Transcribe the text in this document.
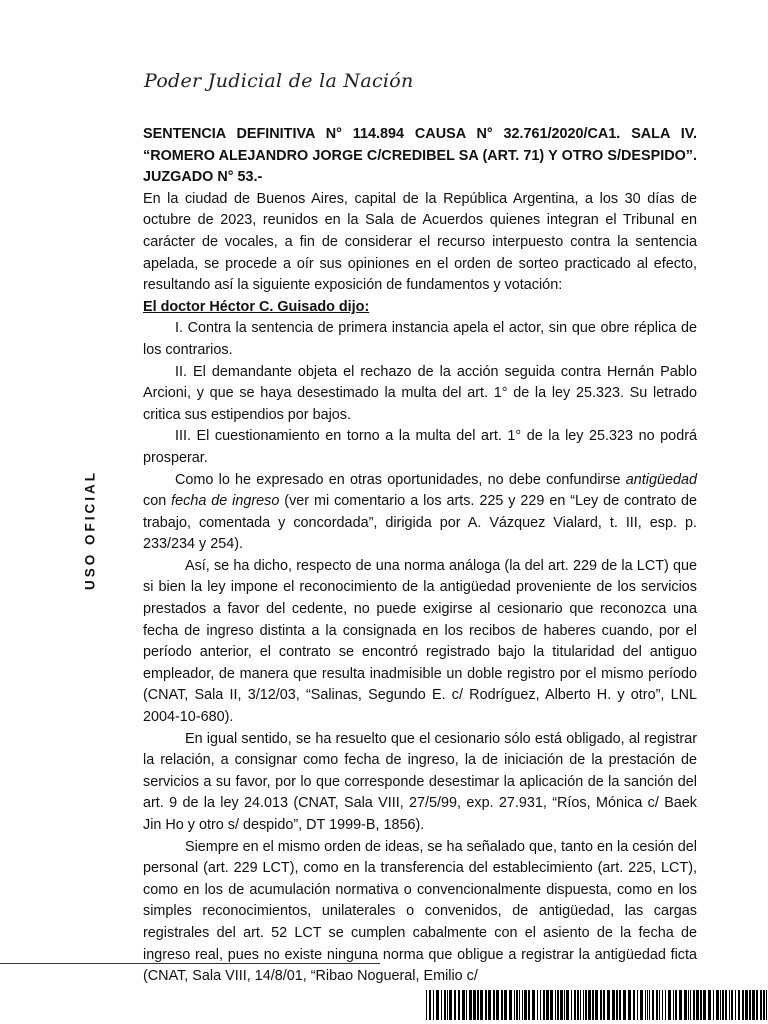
Poder Judicial de la Nación
USO OFICIAL

SENTENCIA DEFINITIVA N° 114.894 CAUSA N° 32.761/2020/CA1. SALA IV. “ROMERO ALEJANDRO JORGE C/CREDIBEL SA (ART. 71) Y OTRO S/DESPIDO”. JUZGADO N° 53.-

En la ciudad de Buenos Aires, capital de la República Argentina, a los 30 días de octubre de 2023, reunidos en la Sala de Acuerdos quienes integran el Tribunal en carácter de vocales, a fin de considerar el recurso interpuesto contra la sentencia apelada, se procede a oír sus opiniones en el orden de sorteo practicado al efecto, resultando así la siguiente exposición de fundamentos y votación:

El doctor Héctor C. Guisado dijo:

I. Contra la sentencia de primera instancia apela el actor, sin que obre réplica de los contrarios.

II. El demandante objeta el rechazo de la acción seguida contra Hernán Pablo Arcioni, y que se haya desestimado la multa del art. 1° de la ley 25.323. Su letrado critica sus estipendios por bajos.

III. El cuestionamiento en torno a la multa del art. 1° de la ley 25.323 no podrá prosperar.

Como lo he expresado en otras oportunidades, no debe confundirse antigüedad con fecha de ingreso (ver mi comentario a los arts. 225 y 229 en “Ley de contrato de trabajo, comentada y concordada”, dirigida por A. Vázquez Vialard, t. III, esp. p. 233/234 y 254).

Así, se ha dicho, respecto de una norma análoga (la del art. 229 de la LCT) que si bien la ley impone el reconocimiento de la antigüedad proveniente de los servicios prestados a favor del cedente, no puede exigirse al cesionario que reconozca una fecha de ingreso distinta a la consignada en los recibos de haberes cuando, por el período anterior, el contrato se encontró registrado bajo la titularidad del antiguo empleador, de manera que resulta inadmisible un doble registro por el mismo período (CNAT, Sala II, 3/12/03, “Salinas, Segundo E. c/ Rodríguez, Alberto H. y otro”, LNL 2004-10-680).

En igual sentido, se ha resuelto que el cesionario sólo está obligado, al registrar la relación, a consignar como fecha de ingreso, la de iniciación de la prestación de servicios a su favor, por lo que corresponde desestimar la aplicación de la sanción del art. 9 de la ley 24.013 (CNAT, Sala VIII, 27/5/99, exp. 27.931, “Ríos, Mónica c/ Baek Jin Ho y otro s/ despido”, DT 1999-B, 1856).

Siempre en el mismo orden de ideas, se ha señalado que, tanto en la cesión del personal (art. 229 LCT), como en la transferencia del establecimiento (art. 225, LCT), como en los de acumulación normativa o convencionalmente dispuesta, como en los simples reconocimientos, unilaterales o convenidos, de antigüedad, las cargas registrales del art. 52 LCT se cumplen cabalmente con el asiento de la fecha de ingreso real, pues no existe ninguna norma que obligue a registrar la antigüedad ficta (CNAT, Sala VIII, 14/8/01, “Ribao Nogueral, Emilio c/
